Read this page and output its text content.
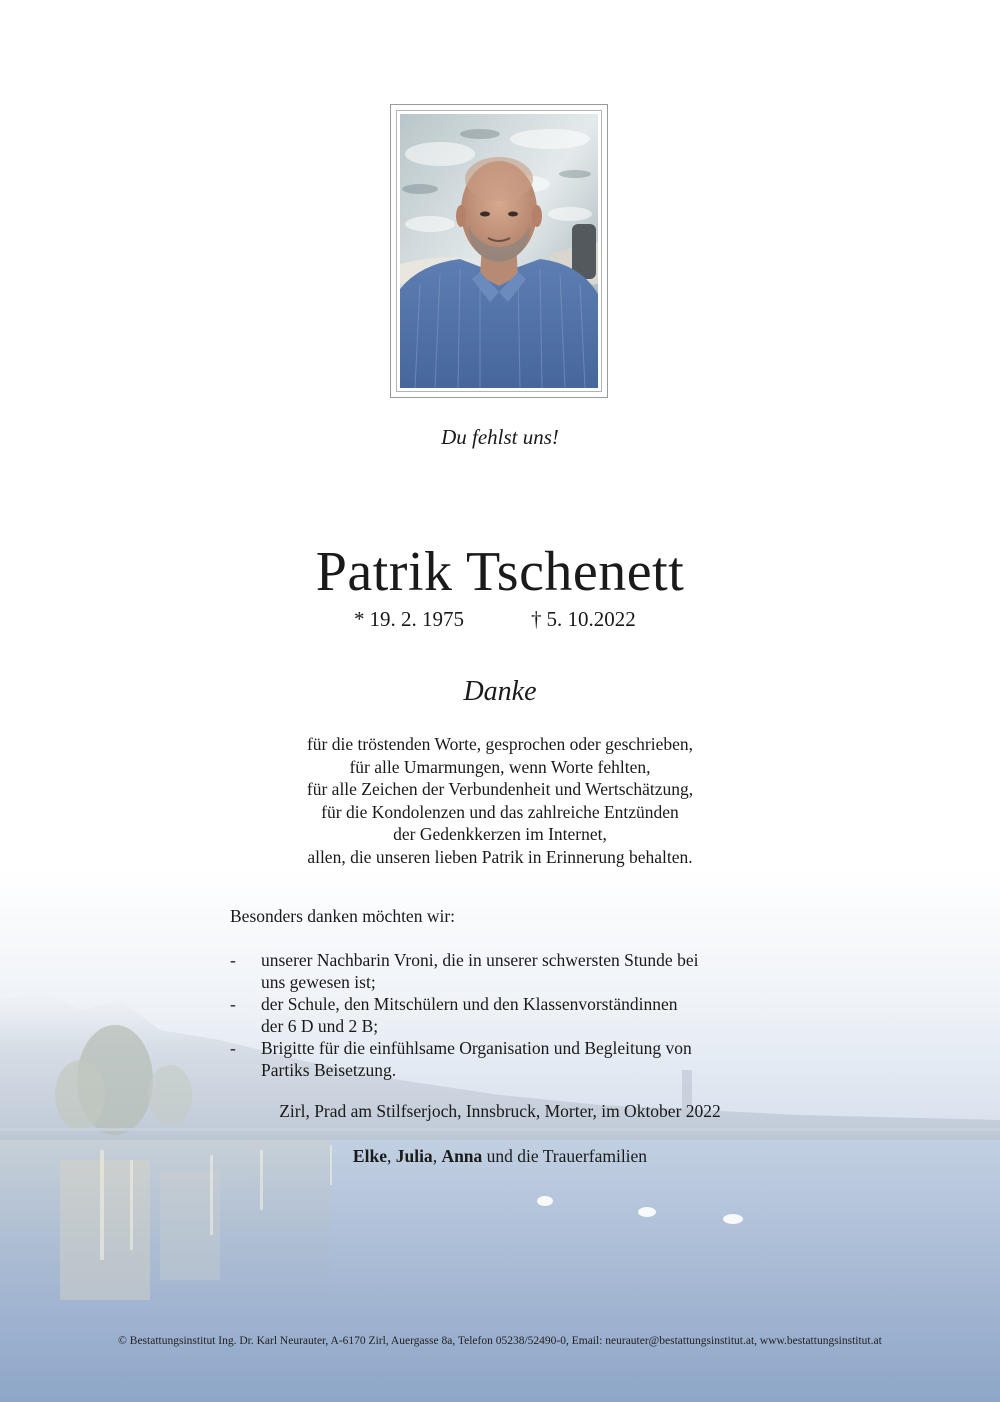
Du fehlst uns!
Patrik Tschenett
* 19. 2. 1975	† 5. 10.2022
Danke
für die tröstenden Worte, gesprochen oder geschrieben,
für alle Umarmungen, wenn Worte fehlten,
für alle Zeichen der Verbundenheit und Wertschätzung,
für die Kondolenzen und das zahlreiche Entzünden
der Gedenkkerzen im Internet,
allen, die unseren lieben Patrik in Erinnerung behalten.
Besonders danken möchten wir:
- unserer Nachbarin Vroni, die in unserer schwersten Stunde bei
uns gewesen ist;
- der Schule, den Mitschülern und den Klassenvorständinnen
der 6 D und 2 B;
- Brigitte für die einfühlsame Organisation und Begleitung von
Partiks Beisetzung.
Zirl, Prad am Stilfserjoch, Innsbruck, Morter, im Oktober 2022
Elke, Julia, Anna und die Trauerfamilien
© Bestattungsinstitut Ing. Dr. Karl Neurauter, A-6170 Zirl, Auergasse 8a, Telefon 05238/52490-0, Email: neurauter@bestattungsinstitut.at, www.bestattungsinstitut.at
